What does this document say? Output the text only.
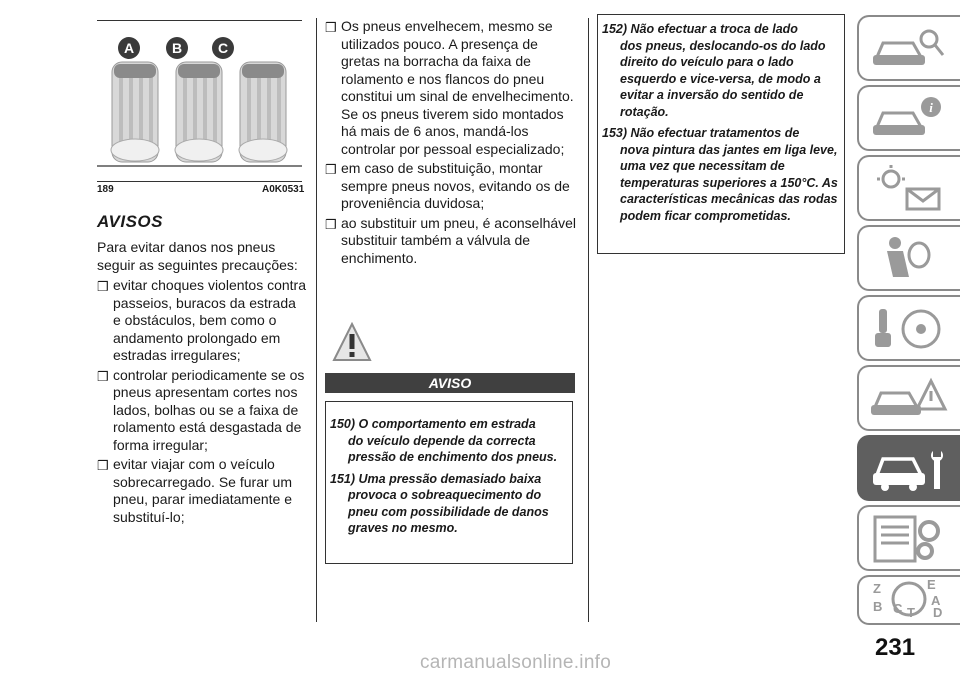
A	B	C
189	A0K0531
AVISOS
Para evitar danos nos pneus seguir as seguintes precauções:
❒ evitar choques violentos contra passeios, buracos da estrada e obstáculos, bem como o andamento prolongado em estradas irregulares;
❒ controlar periodicamente se os pneus apresentam cortes nos lados, bolhas ou se a faixa de rolamento está desgastada de forma irregular;
❒ evitar viajar com o veículo sobrecarregado. Se furar um pneu, parar imediatamente e substituí-lo;
❒ Os pneus envelhecem, mesmo se utilizados pouco. A presença de gretas na borracha da faixa de rolamento e nos flancos do pneu constitui um sinal de envelhecimento. Se os pneus tiverem sido montados há mais de 6 anos, mandá-los controlar por pessoal especializado;
❒ em caso de substituição, montar sempre pneus novos, evitando os de proveniência duvidosa;
❒ ao substituir um pneu, é aconselhável substituir também a válvula de enchimento.
AVISO
150) O comportamento em estrada
do veículo depende da correcta pressão de enchimento dos pneus.
151) Uma pressão demasiado baixa
provoca o sobreaquecimento do pneu com possibilidade de danos graves no mesmo.
152) Não efectuar a troca de lado
dos pneus, deslocando-os do lado direito do veículo para o lado esquerdo e vice-versa, de modo a evitar a inversão do sentido de rotação.
153) Não efectuar tratamentos de
nova pintura das jantes em liga leve, uma vez que necessitam de temperaturas superiores a 150°C. As características mecânicas das rodas podem ficar comprometidas.
i
Z	E
B	A
C T D
231
carmanualsonline.info
